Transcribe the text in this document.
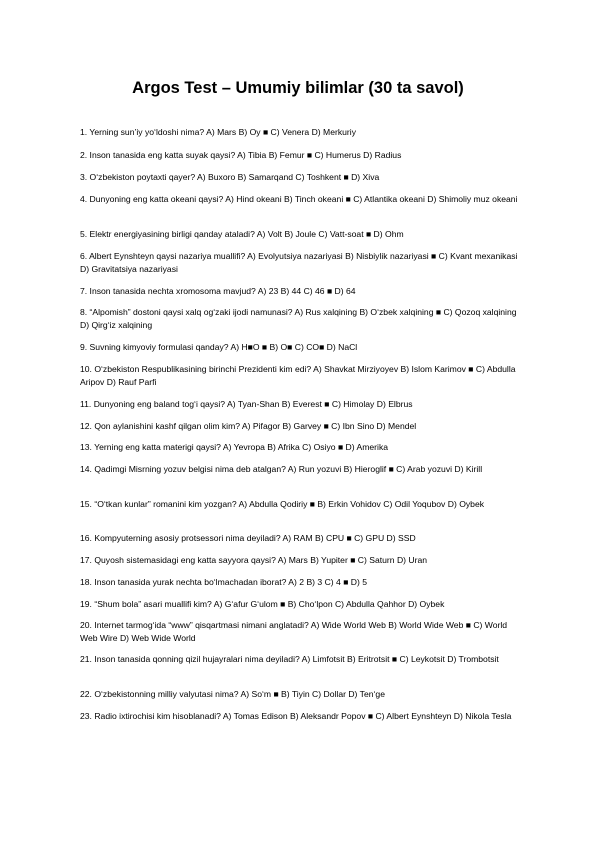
Argos Test – Umumiy bilimlar (30 ta savol)

1. Yerning sun’iy yo‘ldoshi nima? A) Mars B) Oy ■ C) Venera D) Merkuriy

2. Inson tanasida eng katta suyak qaysi? A) Tibia B) Femur ■ C) Humerus D) Radius

3. O‘zbekiston poytaxti qayer? A) Buxoro B) Samarqand C) Toshkent ■ D) Xiva

4. Dunyoning eng katta okeani qaysi? A) Hind okeani B) Tinch okeani ■ C) Atlantika okeani D) Shimoliy muz okeani

5. Elektr energiyasining birligi qanday ataladi? A) Volt B) Joule C) Vatt-soat ■ D) Ohm

6. Albert Eynshteyn qaysi nazariya muallifi? A) Evolyutsiya nazariyasi B) Nisbiylik nazariyasi ■ C) Kvant mexanikasi D) Gravitatsiya nazariyasi

7. Inson tanasida nechta xromosoma mavjud? A) 23 B) 44 C) 46 ■ D) 64

8. “Alpomish” dostoni qaysi xalq og‘zaki ijodi namunasi? A) Rus xalqining B) O‘zbek xalqining ■ C) Qozoq xalqining D) Qirg‘iz xalqining

9. Suvning kimyoviy formulasi qanday? A) H■O ■ B) O■ C) CO■ D) NaCl

10. O‘zbekiston Respublikasining birinchi Prezidenti kim edi? A) Shavkat Mirziyoyev B) Islom Karimov ■ C) Abdulla Aripov D) Rauf Parfi

11. Dunyoning eng baland tog‘i qaysi? A) Tyan-Shan B) Everest ■ C) Himolay D) Elbrus

12. Qon aylanishini kashf qilgan olim kim? A) Pifagor B) Garvey ■ C) Ibn Sino D) Mendel

13. Yerning eng katta materigi qaysi? A) Yevropa B) Afrika C) Osiyo ■ D) Amerika

14. Qadimgi Misrning yozuv belgisi nima deb atalgan? A) Run yozuvi B) Hieroglif ■ C) Arab yozuvi D) Kirill

15. “O‘tkan kunlar” romanini kim yozgan? A) Abdulla Qodiriy ■ B) Erkin Vohidov C) Odil Yoqubov D) Oybek

16. Kompyuterning asosiy protsessori nima deyiladi? A) RAM B) CPU ■ C) GPU D) SSD

17. Quyosh sistemasidagi eng katta sayyora qaysi? A) Mars B) Yupiter ■ C) Saturn D) Uran

18. Inson tanasida yurak nechta bo‘lmachadan iborat? A) 2 B) 3 C) 4 ■ D) 5

19. “Shum bola” asari muallifi kim? A) G‘afur G‘ulom ■ B) Cho‘lpon C) Abdulla Qahhor D) Oybek

20. Internet tarmog‘ida “www” qisqartmasi nimani anglatadi? A) Wide World Web B) World Wide Web ■ C) World Web Wire D) Web Wide World

21. Inson tanasida qonning qizil hujayralari nima deyiladi? A) Limfotsit B) Eritrotsit ■ C) Leykotsit D) Trombotsit

22. O‘zbekistonning milliy valyutasi nima? A) So‘m ■ B) Tiyin C) Dollar D) Ten‘ge

23. Radio ixtirochisi kim hisoblanadi? A) Tomas Edison B) Aleksandr Popov ■ C) Albert Eynshteyn D) Nikola Tesla
